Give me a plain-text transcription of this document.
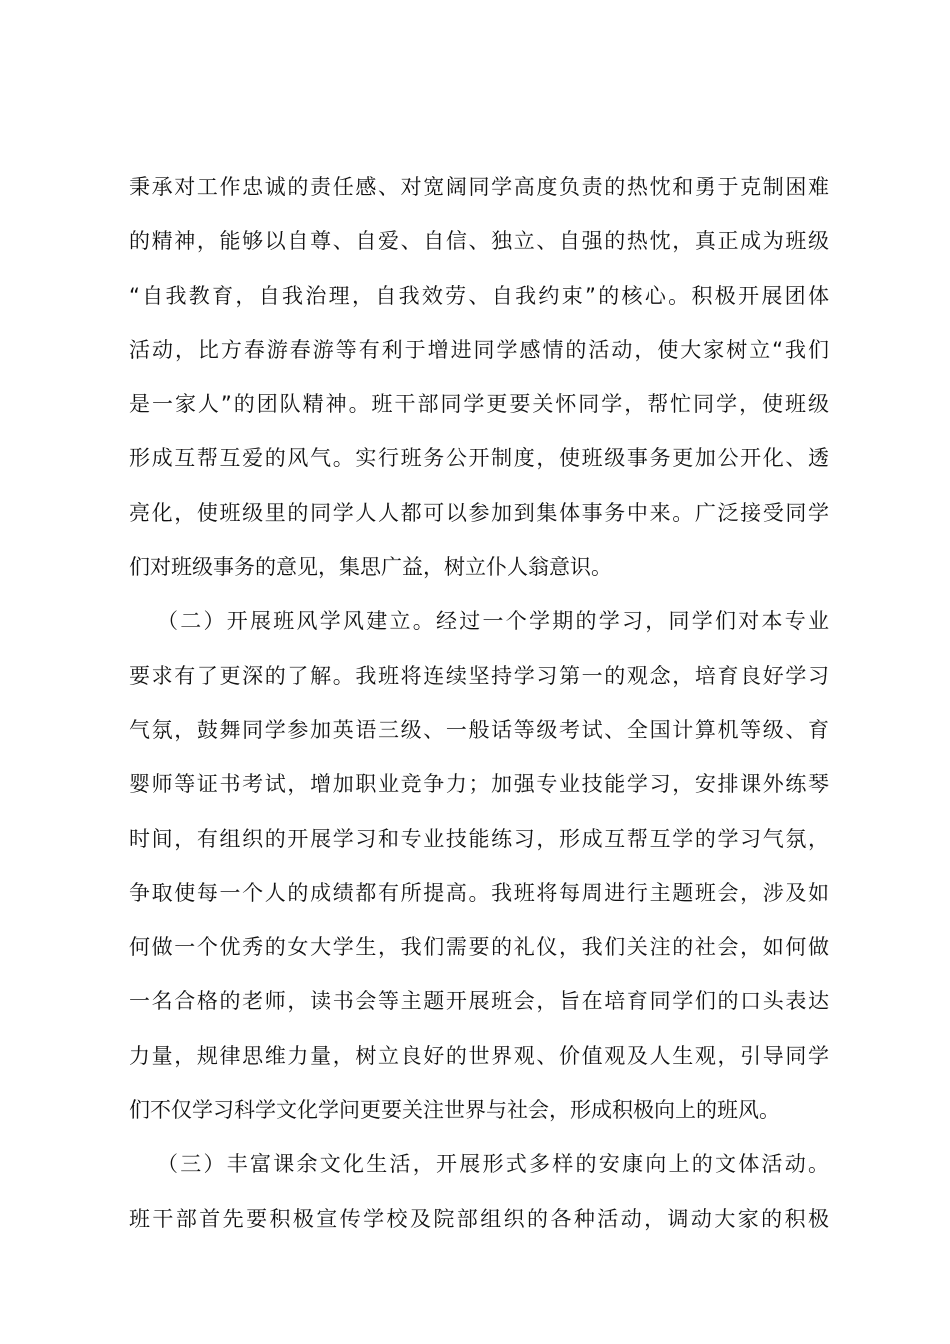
秉承对工作忠诚的责任感、对宽阔同学高度负责的热忱和勇于克制困难
的精神，能够以自尊、自爱、自信、独立、自强的热忱，真正成为班级
“自我教育，自我治理，自我效劳、自我约束”的核心。积极开展团体
活动，比方春游春游等有利于增进同学感情的活动，使大家树立“我们
是一家人”的团队精神。班干部同学更要关怀同学，帮忙同学，使班级
形成互帮互爱的风气。实行班务公开制度，使班级事务更加公开化、透
亮化，使班级里的同学人人都可以参加到集体事务中来。广泛接受同学
们对班级事务的意见，集思广益，树立仆人翁意识。
（二）开展班风学风建立。经过一个学期的学习，同学们对本专业
要求有了更深的了解。我班将连续坚持学习第一的观念，培育良好学习
气氛，鼓舞同学参加英语三级、一般话等级考试、全国计算机等级、育
婴师等证书考试，增加职业竞争力；加强专业技能学习，安排课外练琴
时间，有组织的开展学习和专业技能练习，形成互帮互学的学习气氛，
争取使每一个人的成绩都有所提高。我班将每周进行主题班会，涉及如
何做一个优秀的女大学生，我们需要的礼仪，我们关注的社会，如何做
一名合格的老师，读书会等主题开展班会，旨在培育同学们的口头表达
力量，规律思维力量，树立良好的世界观、价值观及人生观，引导同学
们不仅学习科学文化学问更要关注世界与社会，形成积极向上的班风。
（三）丰富课余文化生活，开展形式多样的安康向上的文体活动。
班干部首先要积极宣传学校及院部组织的各种活动，调动大家的积极
